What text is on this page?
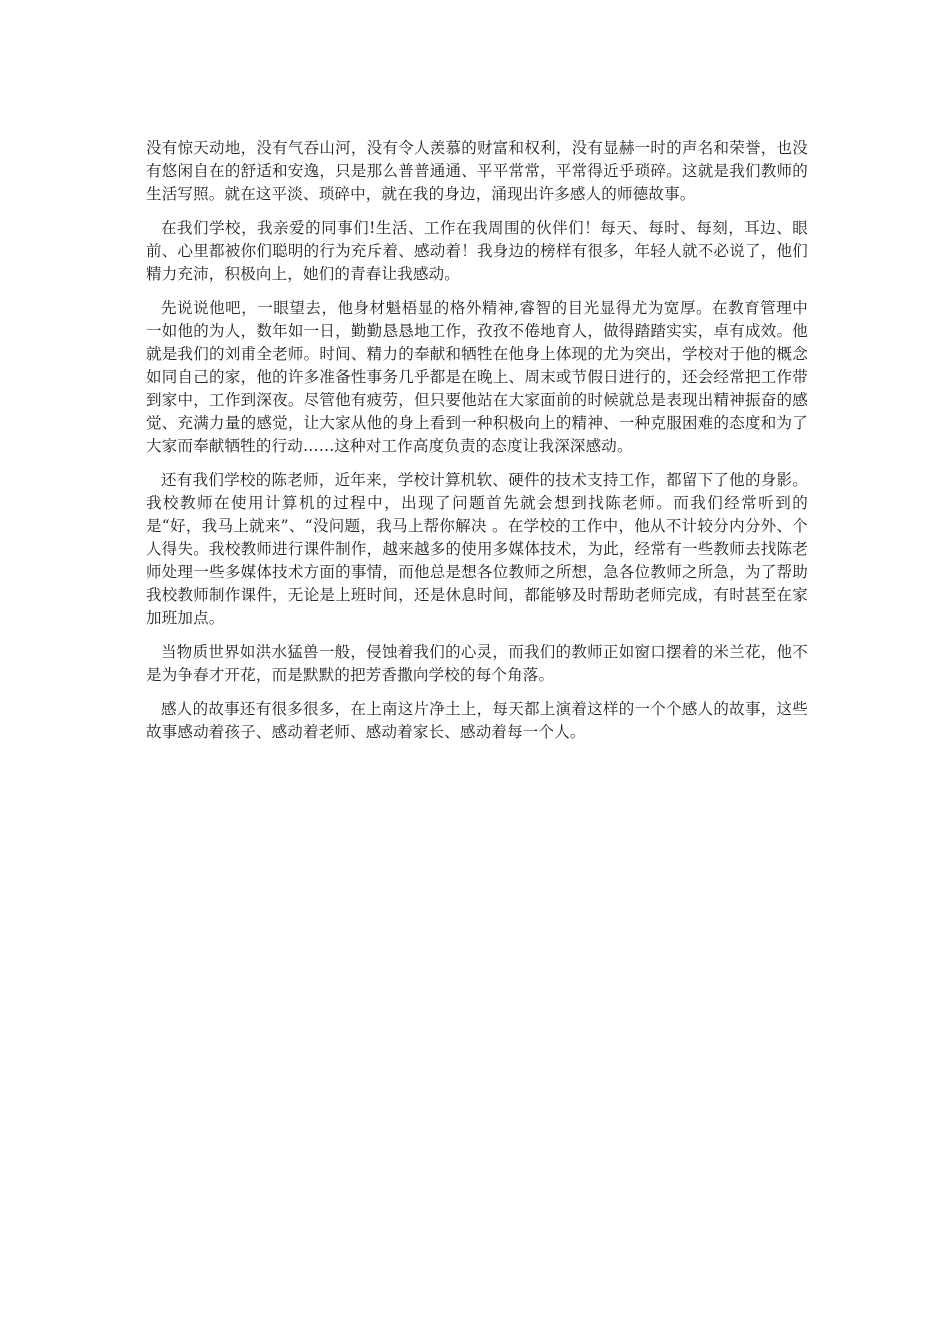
没有惊天动地，没有气吞山河，没有令人羡慕的财富和权利，没有显赫一时的声名和荣誉，也没有悠闲自在的舒适和安逸，只是那么普普通通、平平常常，平常得近乎琐碎。这就是我们教师的生活写照。就在这平淡、琐碎中，就在我的身边，涌现出许多感人的师德故事。

在我们学校，我亲爱的同事们!生活、工作在我周围的伙伴们！每天、每时、每刻，耳边、眼前、心里都被你们聪明的行为充斥着、感动着！我身边的榜样有很多，年轻人就不必说了，他们精力充沛，积极向上，她们的青春让我感动。

先说说他吧，一眼望去，他身材魁梧显的格外精神,睿智的目光显得尤为宽厚。在教育管理中一如他的为人，数年如一日，勤勤恳恳地工作，孜孜不倦地育人，做得踏踏实实，卓有成效。他就是我们的刘甫全老师。时间、精力的奉献和牺牲在他身上体现的尤为突出，学校对于他的概念如同自己的家，他的许多准备性事务几乎都是在晚上、周末或节假日进行的，还会经常把工作带到家中，工作到深夜。尽管他有疲劳，但只要他站在大家面前的时候就总是表现出精神振奋的感觉、充满力量的感觉，让大家从他的身上看到一种积极向上的精神、一种克服困难的态度和为了大家而奉献牺牲的行动……这种对工作高度负责的态度让我深深感动。

还有我们学校的陈老师，近年来，学校计算机软、硬件的技术支持工作，都留下了他的身影。我校教师在使用计算机的过程中，出现了问题首先就会想到找陈老师。而我们经常听到的是“好，我马上就来”、“没问题，我马上帮你解决 。在学校的工作中，他从不计较分内分外、个人得失。我校教师进行课件制作，越来越多的使用多媒体技术，为此，经常有一些教师去找陈老师处理一些多媒体技术方面的事情，而他总是想各位教师之所想，急各位教师之所急，为了帮助我校教师制作课件，无论是上班时间，还是休息时间，都能够及时帮助老师完成，有时甚至在家加班加点。

当物质世界如洪水猛兽一般，侵蚀着我们的心灵，而我们的教师正如窗口摆着的米兰花，他不是为争春才开花，而是默默的把芳香撒向学校的每个角落。

感人的故事还有很多很多，在上南这片净土上，每天都上演着这样的一个个感人的故事，这些故事感动着孩子、感动着老师、感动着家长、感动着每一个人。
